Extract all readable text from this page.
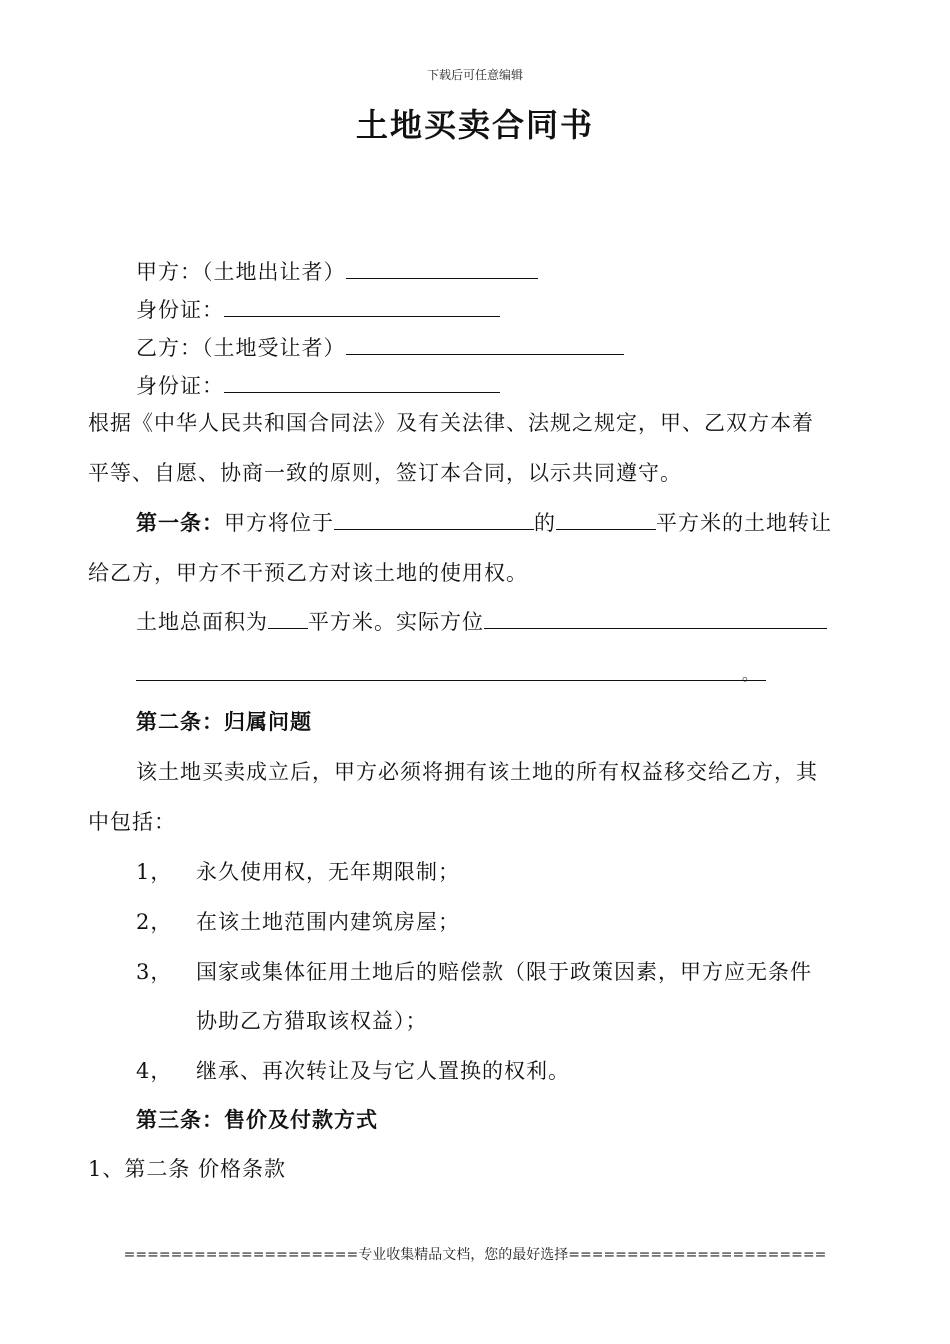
下载后可任意编辑
土地买卖合同书
甲方：（土地出让者）
身份证：
乙方：（土地受让者）
身份证：
根据《中华人民共和国合同法》及有关法律、法规之规定，甲、乙双方本着
平等、自愿、协商一致的原则，签订本合同，以示共同遵守。
第一条：甲方将位于	的	平方米的土地转让
给乙方，甲方不干预乙方对该土地的使用权。
土地总面积为 平方米。实际方位
。
第二条：归属问题
该土地买卖成立后，甲方必须将拥有该土地的所有权益移交给乙方，其
中包括：
1， 永久使用权，无年期限制；
2， 在该土地范围内建筑房屋；
3， 国家或集体征用土地后的赔偿款（限于政策因素，甲方应无条件
协助乙方猎取该权益）；
4， 继承、再次转让及与它人置换的权利。
第三条：售价及付款方式
1、第二条 价格条款
====================专业收集精品文档，您的最好选择======================
